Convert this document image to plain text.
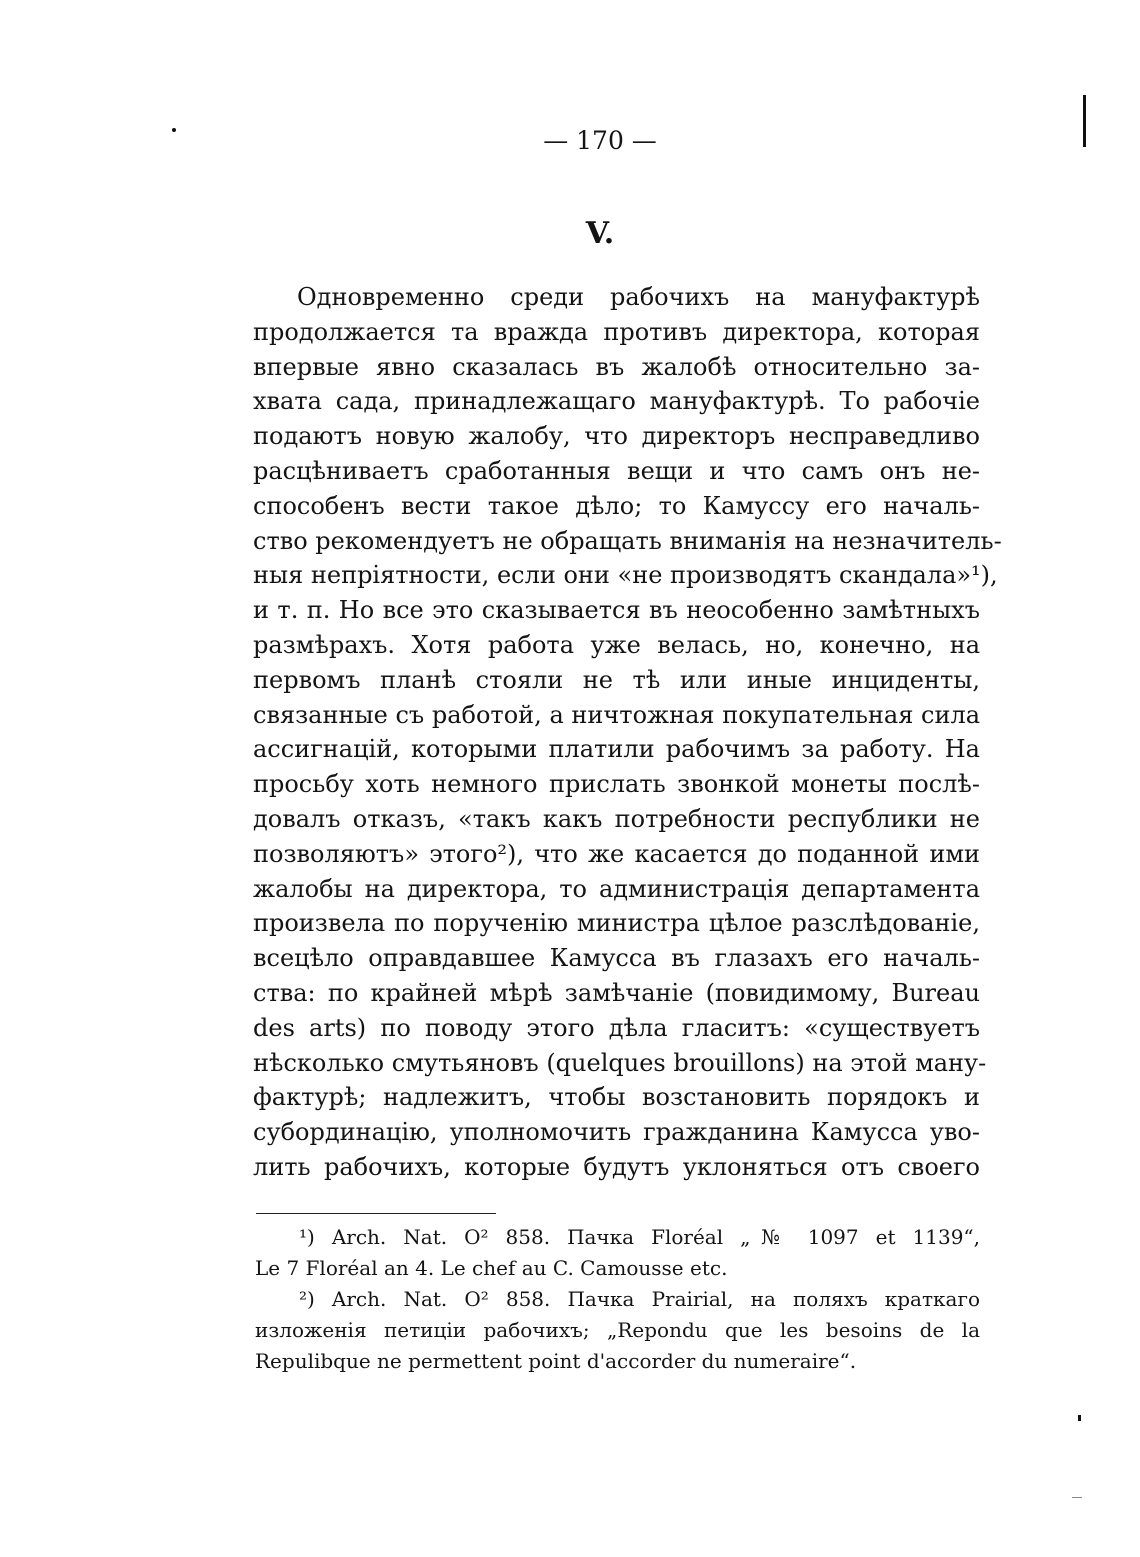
— 170 —
V.
Одновременно среди рабочихъ на мануфактурѣ
продолжается та вражда противъ директора, которая
впервые явно сказалась въ жалобѣ относительно за-
хвата сада, принадлежащаго мануфактурѣ. То рабочіе
подаютъ новую жалобу, что директоръ несправедливо
расцѣниваетъ сработанныя вещи и что самъ онъ не-
способенъ вести такое дѣло; то Камуссу его началь-
ство рекомендуетъ не обращать вниманія на незначитель-
ныя непріятности, если они «не производятъ скандала»¹),
и т. п. Но все это сказывается въ неособенно замѣтныхъ
размѣрахъ. Хотя работа уже велась, но, конечно, на
первомъ планѣ стояли не тѣ или иные инциденты,
связанные съ работой, а ничтожная покупательная сила
ассигнацій, которыми платили рабочимъ за работу. На
просьбу хоть немного прислать звонкой монеты послѣ-
довалъ отказъ, «такъ какъ потребности республики не
позволяютъ» этого²), что же касается до поданной ими
жалобы на директора, то администрація департамента
произвела по порученію министра цѣлое разслѣдованіе,
всецѣло оправдавшее Камусса въ глазахъ его началь-
ства: по крайней мѣрѣ замѣчаніе (повидимому, Bureau
des arts) по поводу этого дѣла гласитъ: «существуетъ
нѣсколько смутьяновъ (quelques brouillons) на этой ману-
фактурѣ; надлежитъ, чтобы возстановить порядокъ и
субординацію, уполномочить гражданина Камусса уво-
лить рабочихъ, которые будутъ уклоняться отъ своего
¹) Arch. Nat. O² 858. Пачка Floréal „№ 1097 et 1139“,
Le 7 Floréal an 4. Le chef au C. Camousse etc.
²) Arch. Nat. O² 858. Пачка Prairial, на поляхъ краткаго
изложенія петиціи рабочихъ; „Repondu que les besoins de la
Repulibque ne permettent point d'accorder du numeraire“.
